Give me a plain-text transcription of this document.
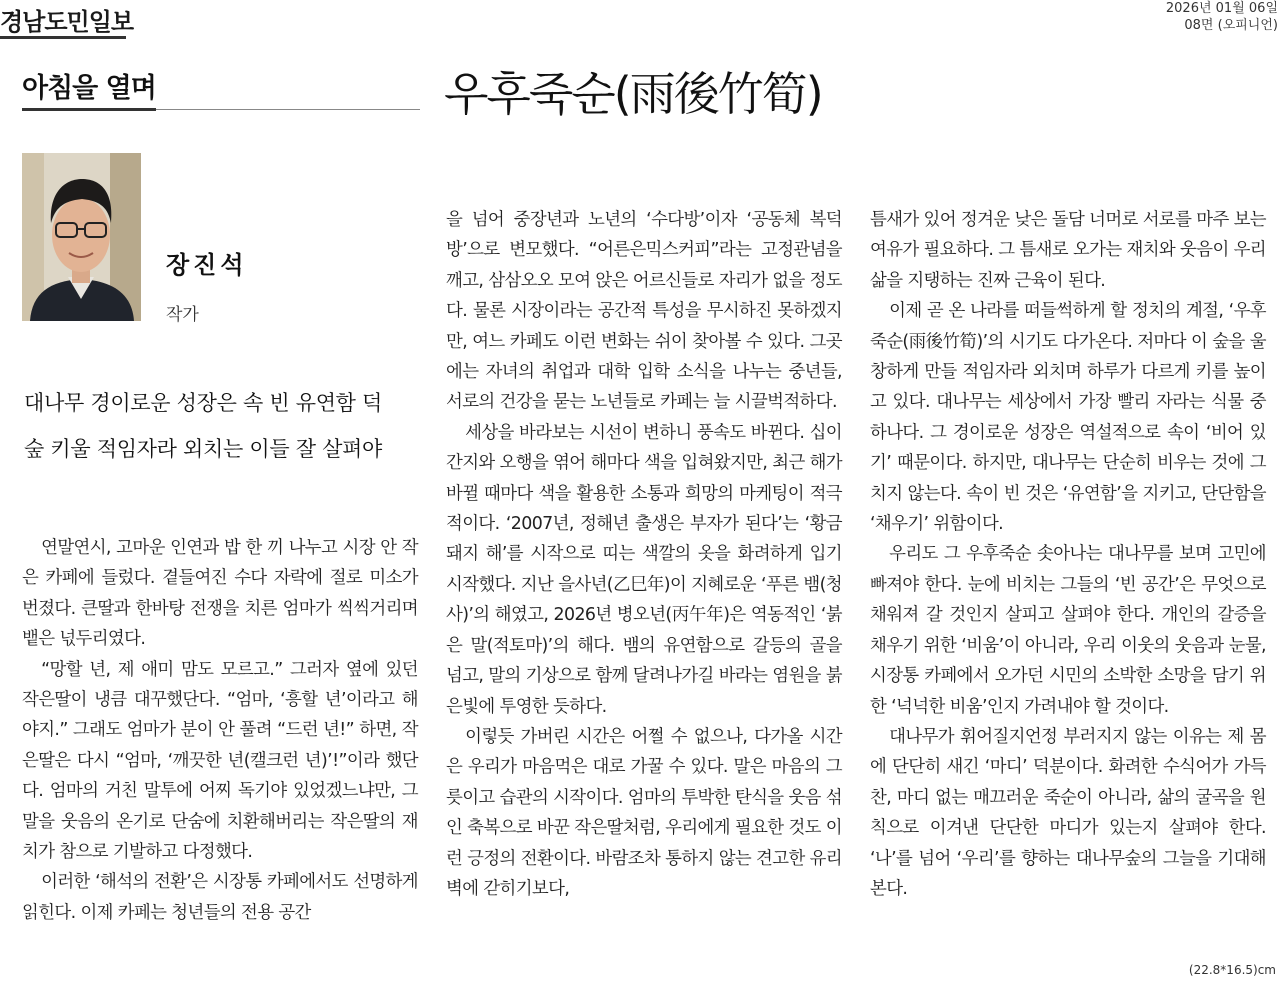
경남도민일보	2026년 01월 06일
08면 (오피니언)
아침을 열며	우후죽순(雨後竹筍)
장진석
작가
대나무 경이로운 성장은 속 빈 유연함 덕
숲 키울 적임자라 외치는 이들 잘 살펴야

연말연시, 고마운 인연과 밥 한 끼 나누고 시장 안 작은 카페에 들렀다. 곁들여진 수다 자락에 절로 미소가 번졌다. 큰딸과 한바탕 전쟁을 치른 엄마가 씩씩거리며 뱉은 넋두리였다.

“망할 년, 제 애미 맘도 모르고.” 그러자 옆에 있던 작은딸이 냉큼 대꾸했단다. “엄마, ‘흥할 년’이라고 해야지.” 그래도 엄마가 분이 안 풀려 “드런 년!” 하면, 작은딸은 다시 “엄마, ‘깨끗한 년(캘크런 년)’!”이라 했단다. 엄마의 거친 말투에 어찌 독기야 있었겠느냐만, 그 말을 웃음의 온기로 단숨에 치환해버리는 작은딸의 재치가 참으로 기발하고 다정했다.

이러한 ‘해석의 전환’은 시장통 카페에서도 선명하게 읽힌다. 이제 카페는 청년들의 전용 공간

을 넘어 중장년과 노년의 ‘수다방’이자 ‘공동체 복덕방’으로 변모했다. “어른은믹스커피”라는 고정관념을 깨고, 삼삼오오 모여 앉은 어르신들로 자리가 없을 정도다. 물론 시장이라는 공간적 특성을 무시하진 못하겠지만, 여느 카페도 이런 변화는 쉬이 찾아볼 수 있다. 그곳에는 자녀의 취업과 대학 입학 소식을 나누는 중년들, 서로의 건강을 묻는 노년들로 카페는 늘 시끌벅적하다.

세상을 바라보는 시선이 변하니 풍속도 바뀐다. 십이간지와 오행을 엮어 해마다 색을 입혀왔지만, 최근 해가 바뀔 때마다 색을 활용한 소통과 희망의 마케팅이 적극적이다. ‘2007년, 정해년 출생은 부자가 된다’는 ‘황금돼지 해’를 시작으로 띠는 색깔의 옷을 화려하게 입기 시작했다. 지난 을사년(乙巳年)이 지혜로운 ‘푸른 뱀(청사)’의 해였고, 2026년 병오년(丙午年)은 역동적인 ‘붉은 말(적토마)’의 해다. 뱀의 유연함으로 갈등의 골을 넘고, 말의 기상으로 함께 달려나가길 바라는 염원을 붉은빛에 투영한 듯하다.

이렇듯 가버린 시간은 어쩔 수 없으나, 다가올 시간은 우리가 마음먹은 대로 가꿀 수 있다. 말은 마음의 그릇이고 습관의 시작이다. 엄마의 투박한 탄식을 웃음 섞인 축복으로 바꾼 작은딸처럼, 우리에게 필요한 것도 이런 긍정의 전환이다. 바람조차 통하지 않는 견고한 유리벽에 갇히기보다,

틈새가 있어 정겨운 낮은 돌담 너머로 서로를 마주 보는 여유가 필요하다. 그 틈새로 오가는 재치와 웃음이 우리 삶을 지탱하는 진짜 근육이 된다.

이제 곧 온 나라를 떠들썩하게 할 정치의 계절, ‘우후죽순(雨後竹筍)’의 시기도 다가온다. 저마다 이 숲을 울창하게 만들 적임자라 외치며 하루가 다르게 키를 높이고 있다. 대나무는 세상에서 가장 빨리 자라는 식물 중 하나다. 그 경이로운 성장은 역설적으로 속이 ‘비어 있기’ 때문이다. 하지만, 대나무는 단순히 비우는 것에 그치지 않는다. 속이 빈 것은 ‘유연함’을 지키고, 단단함을 ‘채우기’ 위함이다.

우리도 그 우후죽순 솟아나는 대나무를 보며 고민에 빠져야 한다. 눈에 비치는 그들의 ‘빈 공간’은 무엇으로 채워져 갈 것인지 살피고 살펴야 한다. 개인의 갈증을 채우기 위한 ‘비움’이 아니라, 우리 이웃의 웃음과 눈물, 시장통 카페에서 오가던 시민의 소박한 소망을 담기 위한 ‘넉넉한 비움’인지 가려내야 할 것이다.

대나무가 휘어질지언정 부러지지 않는 이유는 제 몸에 단단히 새긴 ‘마디’ 덕분이다. 화려한 수식어가 가득 찬, 마디 없는 매끄러운 죽순이 아니라, 삶의 굴곡을 원칙으로 이겨낸 단단한 마디가 있는지 살펴야 한다. ‘나’를 넘어 ‘우리’를 향하는 대나무숲의 그늘을 기대해본다.

(22.8*16.5)cm
